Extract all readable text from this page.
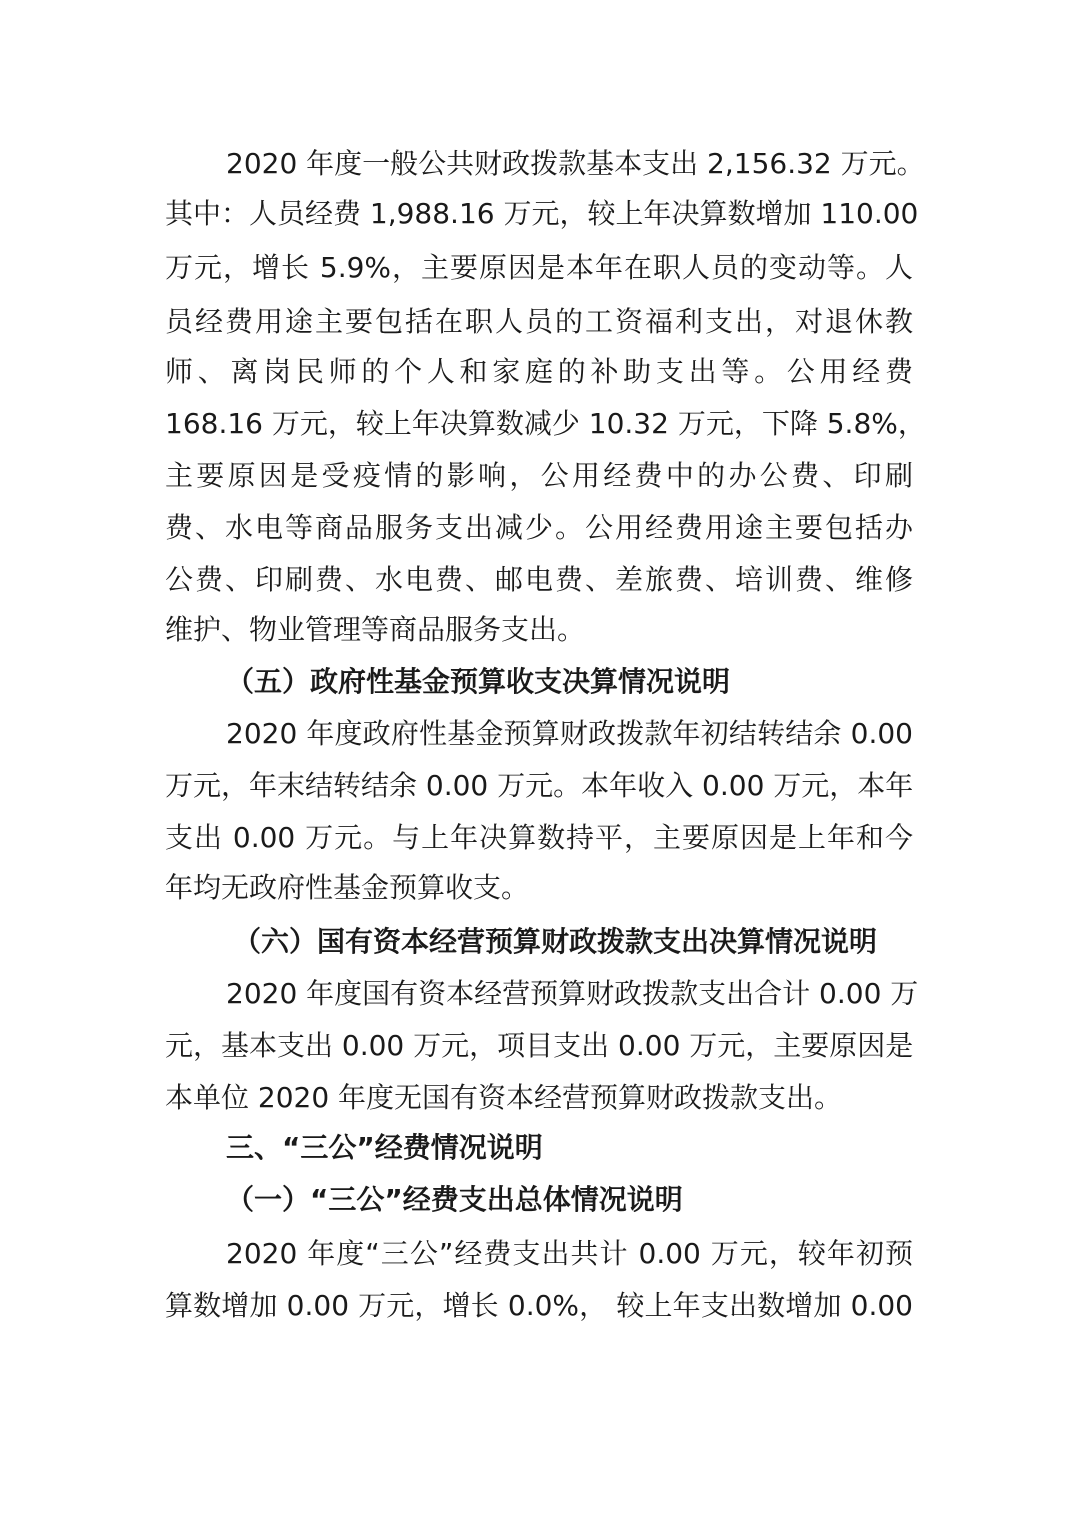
2020 年度一般公共财政拨款基本支出 2,156.32 万元。
其中：人员经费 1,988.16 万元，较上年决算数增加 110.00
万元，增长 5.9%，主要原因是本年在职人员的变动等。人
员经费用途主要包括在职人员的工资福利支出，对退休教
师、离岗民师的个人和家庭的补助支出等。公用经费
168.16 万元，较上年决算数减少 10.32 万元，下降 5.8%，
主要原因是受疫情的影响，公用经费中的办公费、印刷
费、水电等商品服务支出减少。公用经费用途主要包括办
公费、印刷费、水电费、邮电费、差旅费、培训费、维修
维护、物业管理等商品服务支出。
（五）政府性基金预算收支决算情况说明
2020 年度政府性基金预算财政拨款年初结转结余 0.00
万元，年末结转结余 0.00 万元。本年收入 0.00 万元，本年
支出 0.00 万元。与上年决算数持平，主要原因是上年和今
年均无政府性基金预算收支。
（六）国有资本经营预算财政拨款支出决算情况说明
2020 年度国有资本经营预算财政拨款支出合计 0.00 万
元，基本支出 0.00 万元，项目支出 0.00 万元，主要原因是
本单位 2020 年度无国有资本经营预算财政拨款支出。
三、“三公”经费情况说明
（一）“三公”经费支出总体情况说明
2020 年度“三公”经费支出共计 0.00 万元，较年初预
算数增加 0.00 万元，增长 0.0%， 较上年支出数增加 0.00
